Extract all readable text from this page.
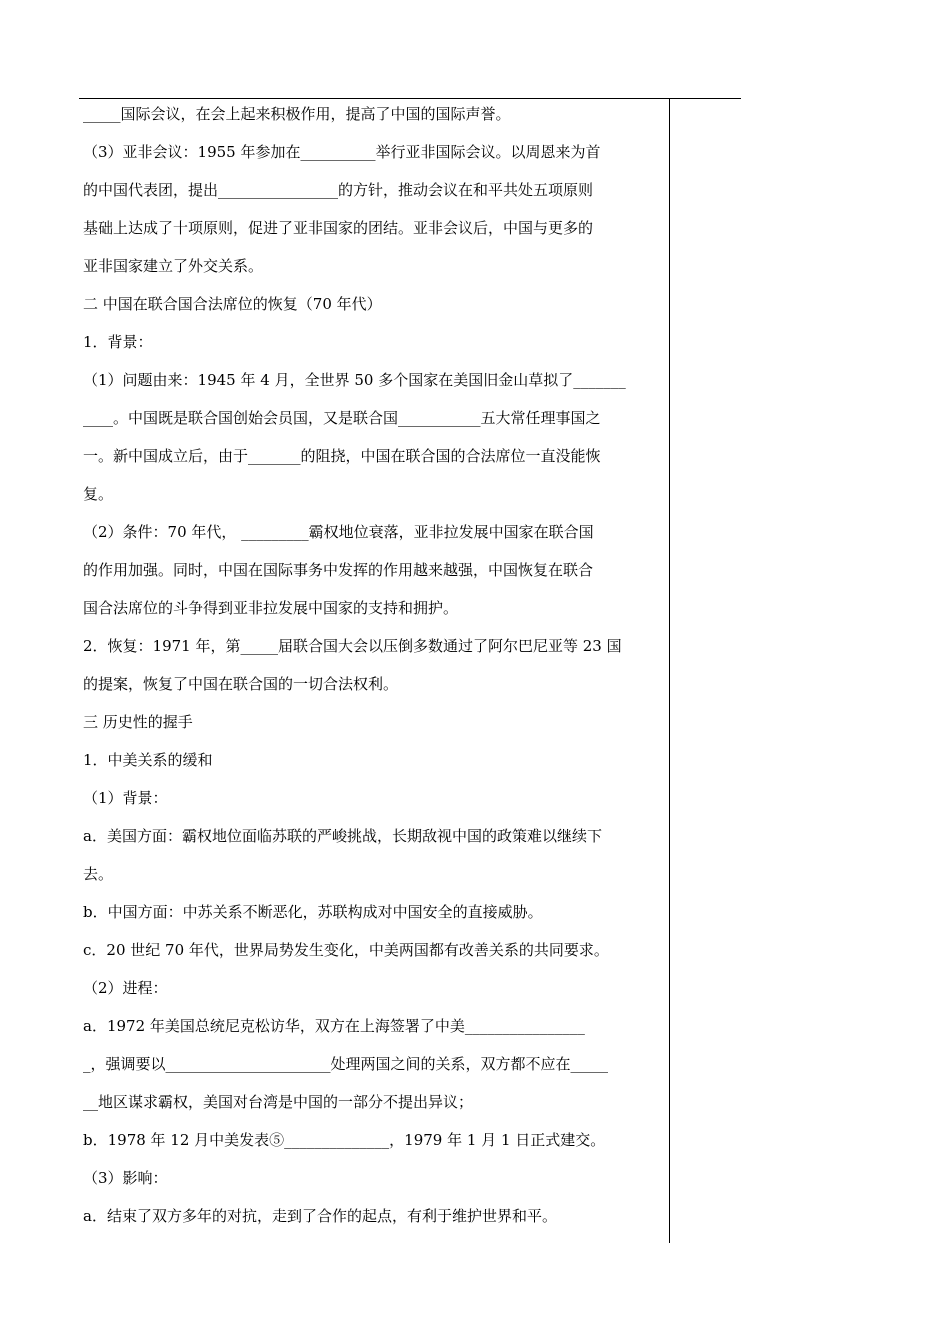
_____国际会议，在会上起来积极作用，提高了中国的国际声誉。
（3）亚非会议：1955 年参加在__________举行亚非国际会议。以周恩来为首
的中国代表团，提出________________的方针，推动会议在和平共处五项原则
基础上达成了十项原则，促进了亚非国家的团结。亚非会议后，中国与更多的
亚非国家建立了外交关系。
二 中国在联合国合法席位的恢复（70 年代）
1．背景：
（1）问题由来：1945 年 4 月，全世界 50 多个国家在美国旧金山草拟了_______
____。中国既是联合国创始会员国，又是联合国___________五大常任理事国之
一。新中国成立后，由于_______的阻挠，中国在联合国的合法席位一直没能恢
复。
（2）条件：70 年代， _________霸权地位衰落，亚非拉发展中国家在联合国
的作用加强。同时，中国在国际事务中发挥的作用越来越强，中国恢复在联合
国合法席位的斗争得到亚非拉发展中国家的支持和拥护。
2．恢复：1971 年，第_____届联合国大会以压倒多数通过了阿尔巴尼亚等 23 国
的提案，恢复了中国在联合国的一切合法权利。
三 历史性的握手
1．中美关系的缓和
（1）背景：
a．美国方面：霸权地位面临苏联的严峻挑战，长期敌视中国的政策难以继续下
去。
b．中国方面：中苏关系不断恶化，苏联构成对中国安全的直接威胁。
c．20 世纪 70 年代，世界局势发生变化，中美两国都有改善关系的共同要求。
（2）进程：
a．1972 年美国总统尼克松访华，双方在上海签署了中美________________
_，强调要以______________________处理两国之间的关系，双方都不应在_____
__地区谋求霸权，美国对台湾是中国的一部分不提出异议；
b．1978 年 12 月中美发表⑤______________，1979 年 1 月 1 日正式建交。
（3）影响：
a．结束了双方多年的对抗，走到了合作的起点，有利于维护世界和平。
